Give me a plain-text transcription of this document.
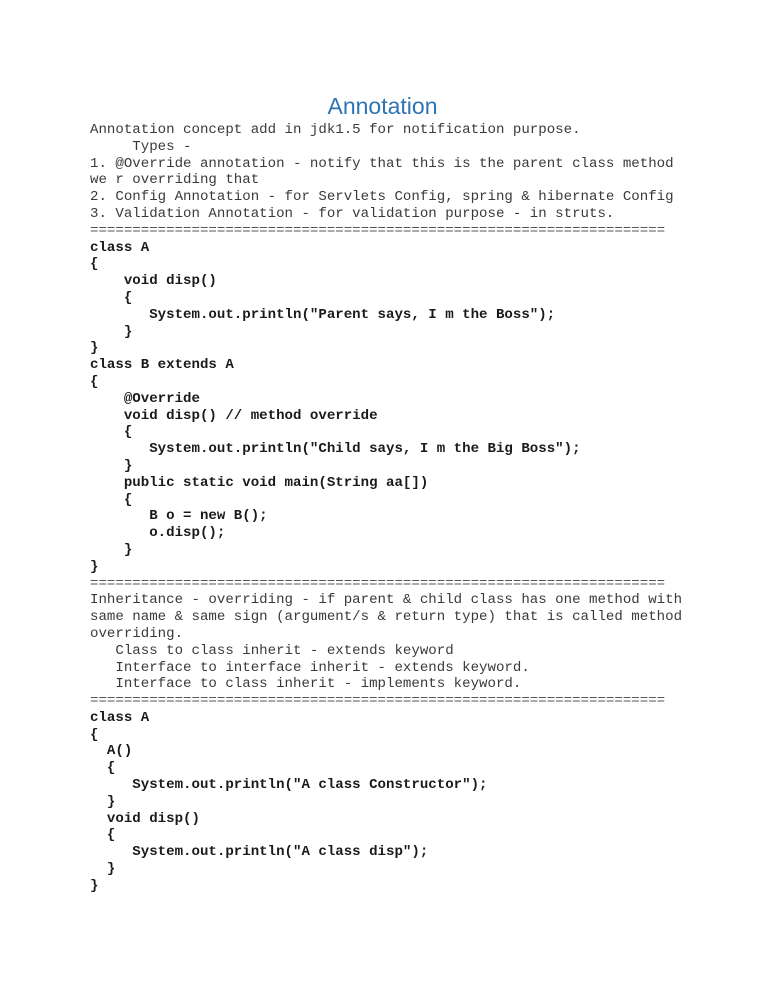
Annotation
Annotation concept add in jdk1.5 for notification purpose.
Types -
1. @Override annotation - notify that this is the parent class method
we r overriding that
2. Config Annotation - for Servlets Config, spring & hibernate Config
3. Validation Annotation - for validation purpose - in struts.
====================================================================
class A
{
void disp()
{
System.out.println("Parent says, I m the Boss");
}
}
class B extends A
{
@Override
void disp() // method override
{
System.out.println("Child says, I m the Big Boss");
}
public static void main(String aa[])
{
B o = new B();
o.disp();
}
}
====================================================================
Inheritance - overriding - if parent & child class has one method with
same name & same sign (argument/s & return type) that is called method
overriding.
Class to class inherit - extends keyword
Interface to interface inherit - extends keyword.
Interface to class inherit - implements keyword.
====================================================================
class A
{
A()
{
System.out.println("A class Constructor");
}
void disp()
{
System.out.println("A class disp");
}
}
